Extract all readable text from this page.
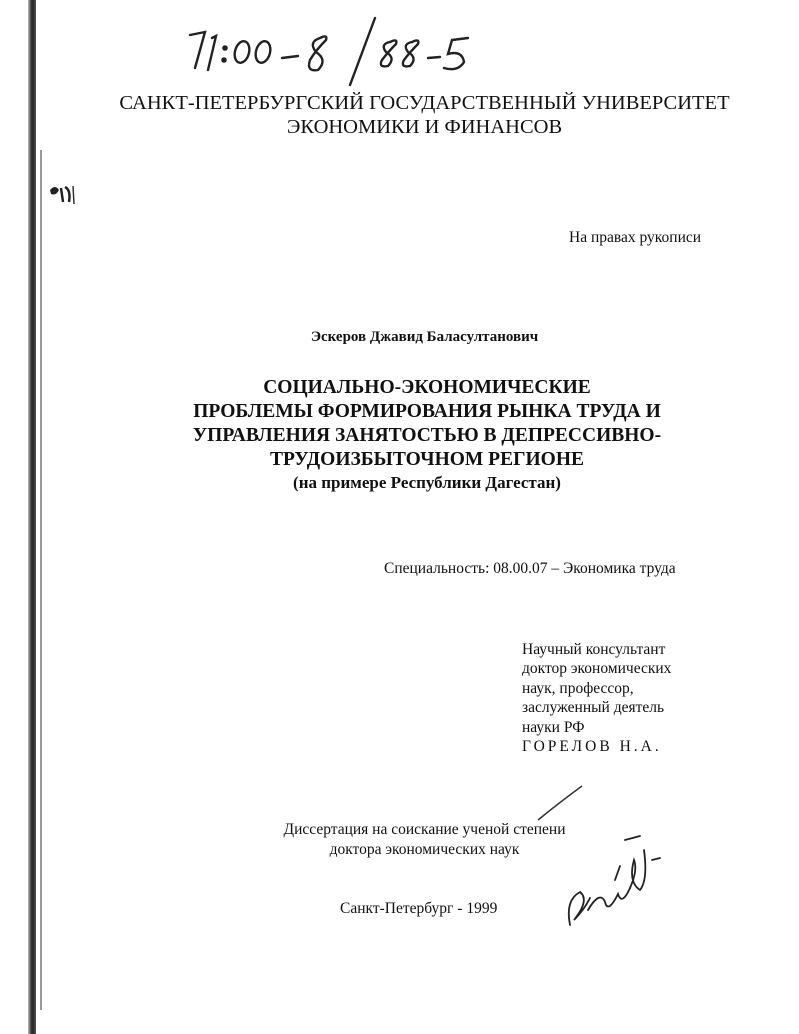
САНКТ-ПЕТЕРБУРГСКИЙ ГОСУДАРСТВЕННЫЙ УНИВЕРСИТЕТ
ЭКОНОМИКИ И ФИНАНСОВ
На правах рукописи
Эскеров Джавид Баласултанович
СОЦИАЛЬНО-ЭКОНОМИЧЕСКИЕ
ПРОБЛЕМЫ ФОРМИРОВАНИЯ РЫНКА ТРУДА И
УПРАВЛЕНИЯ ЗАНЯТОСТЬЮ В ДЕПРЕССИВНО-
ТРУДОИЗБЫТОЧНОМ РЕГИОНЕ
(на примере Республики Дагестан)
Специальность: 08.00.07 – Экономика труда
Научный консультант
доктор экономических
наук, профессор,
заслуженный деятель
науки РФ
ГОРЕЛОВ Н.А.
Диссертация на соискание ученой степени
доктора экономических наук
Санкт-Петербург - 1999
